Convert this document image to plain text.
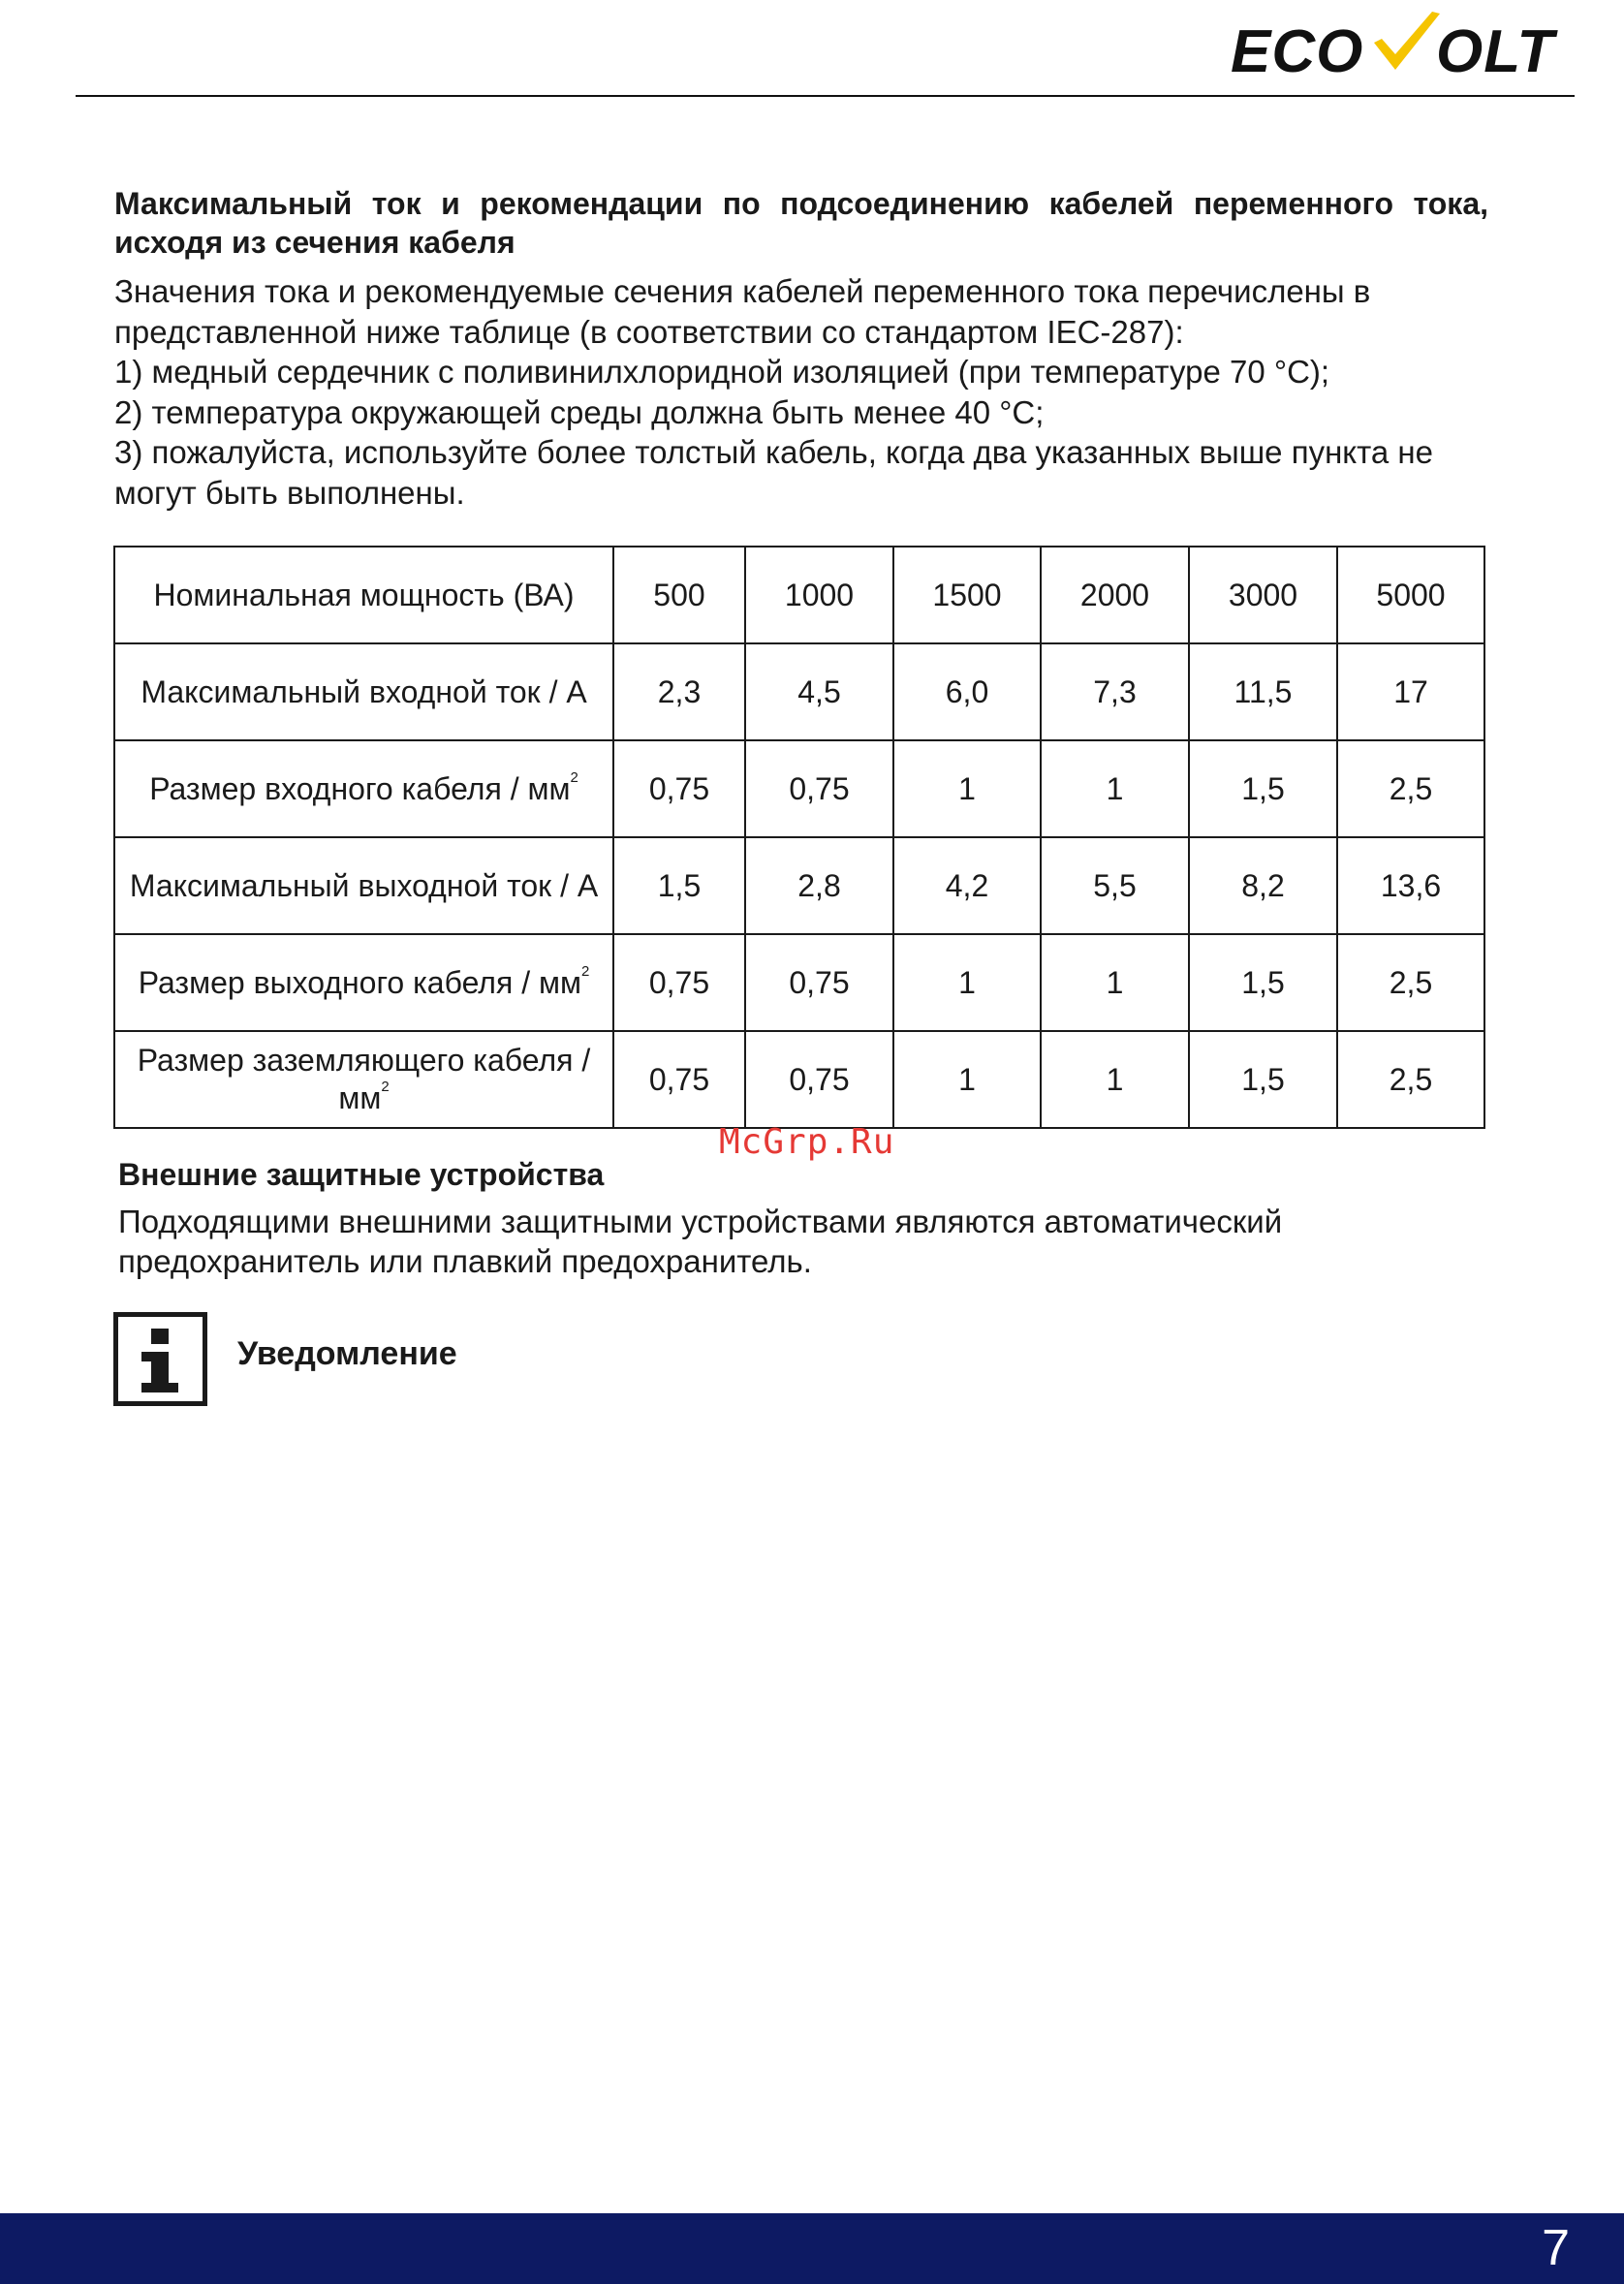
ECO OLT
Максимальный ток и рекомендации по подсоединению кабелей переменного тока, исходя из сечения кабеля

Значения тока и рекомендуемые сечения кабелей переменного тока перечислены в представленной ниже таблице (в соответствии со стандартом IEC-287):

1) медный сердечник с поливинилхлоридной изоляцией (при температуре 70 °С);

2) температура окружающей среды должна быть менее 40 °С;

3) пожалуйста, используйте более толстый кабель, когда два указанных выше пункта не могут быть выполнены.

Номинальная мощность (ВА)	500	1000	1500	2000	3000	5000
Максимальный входной ток / А	2,3	4,5	6,0	7,3	11,5	17
Размер входного кабеля / $мм^2$	0,75	0,75	1	1	1,5	2,5
Максимальный выходной ток / А	1,5	2,8	4,2	5,5	8,2	13,6
Размер выходного кабеля / $мм^2$	0,75	0,75	1	1	1,5	2,5
Размер заземляющего кабеля / $мм^2$	0,75	0,75	1	1	1,5	2,5
McGrp.Ru
Внешние защитные устройства
Подходящими внешними защитными устройствами являются автоматический предохранитель или плавкий предохранитель.
Уведомление
7
